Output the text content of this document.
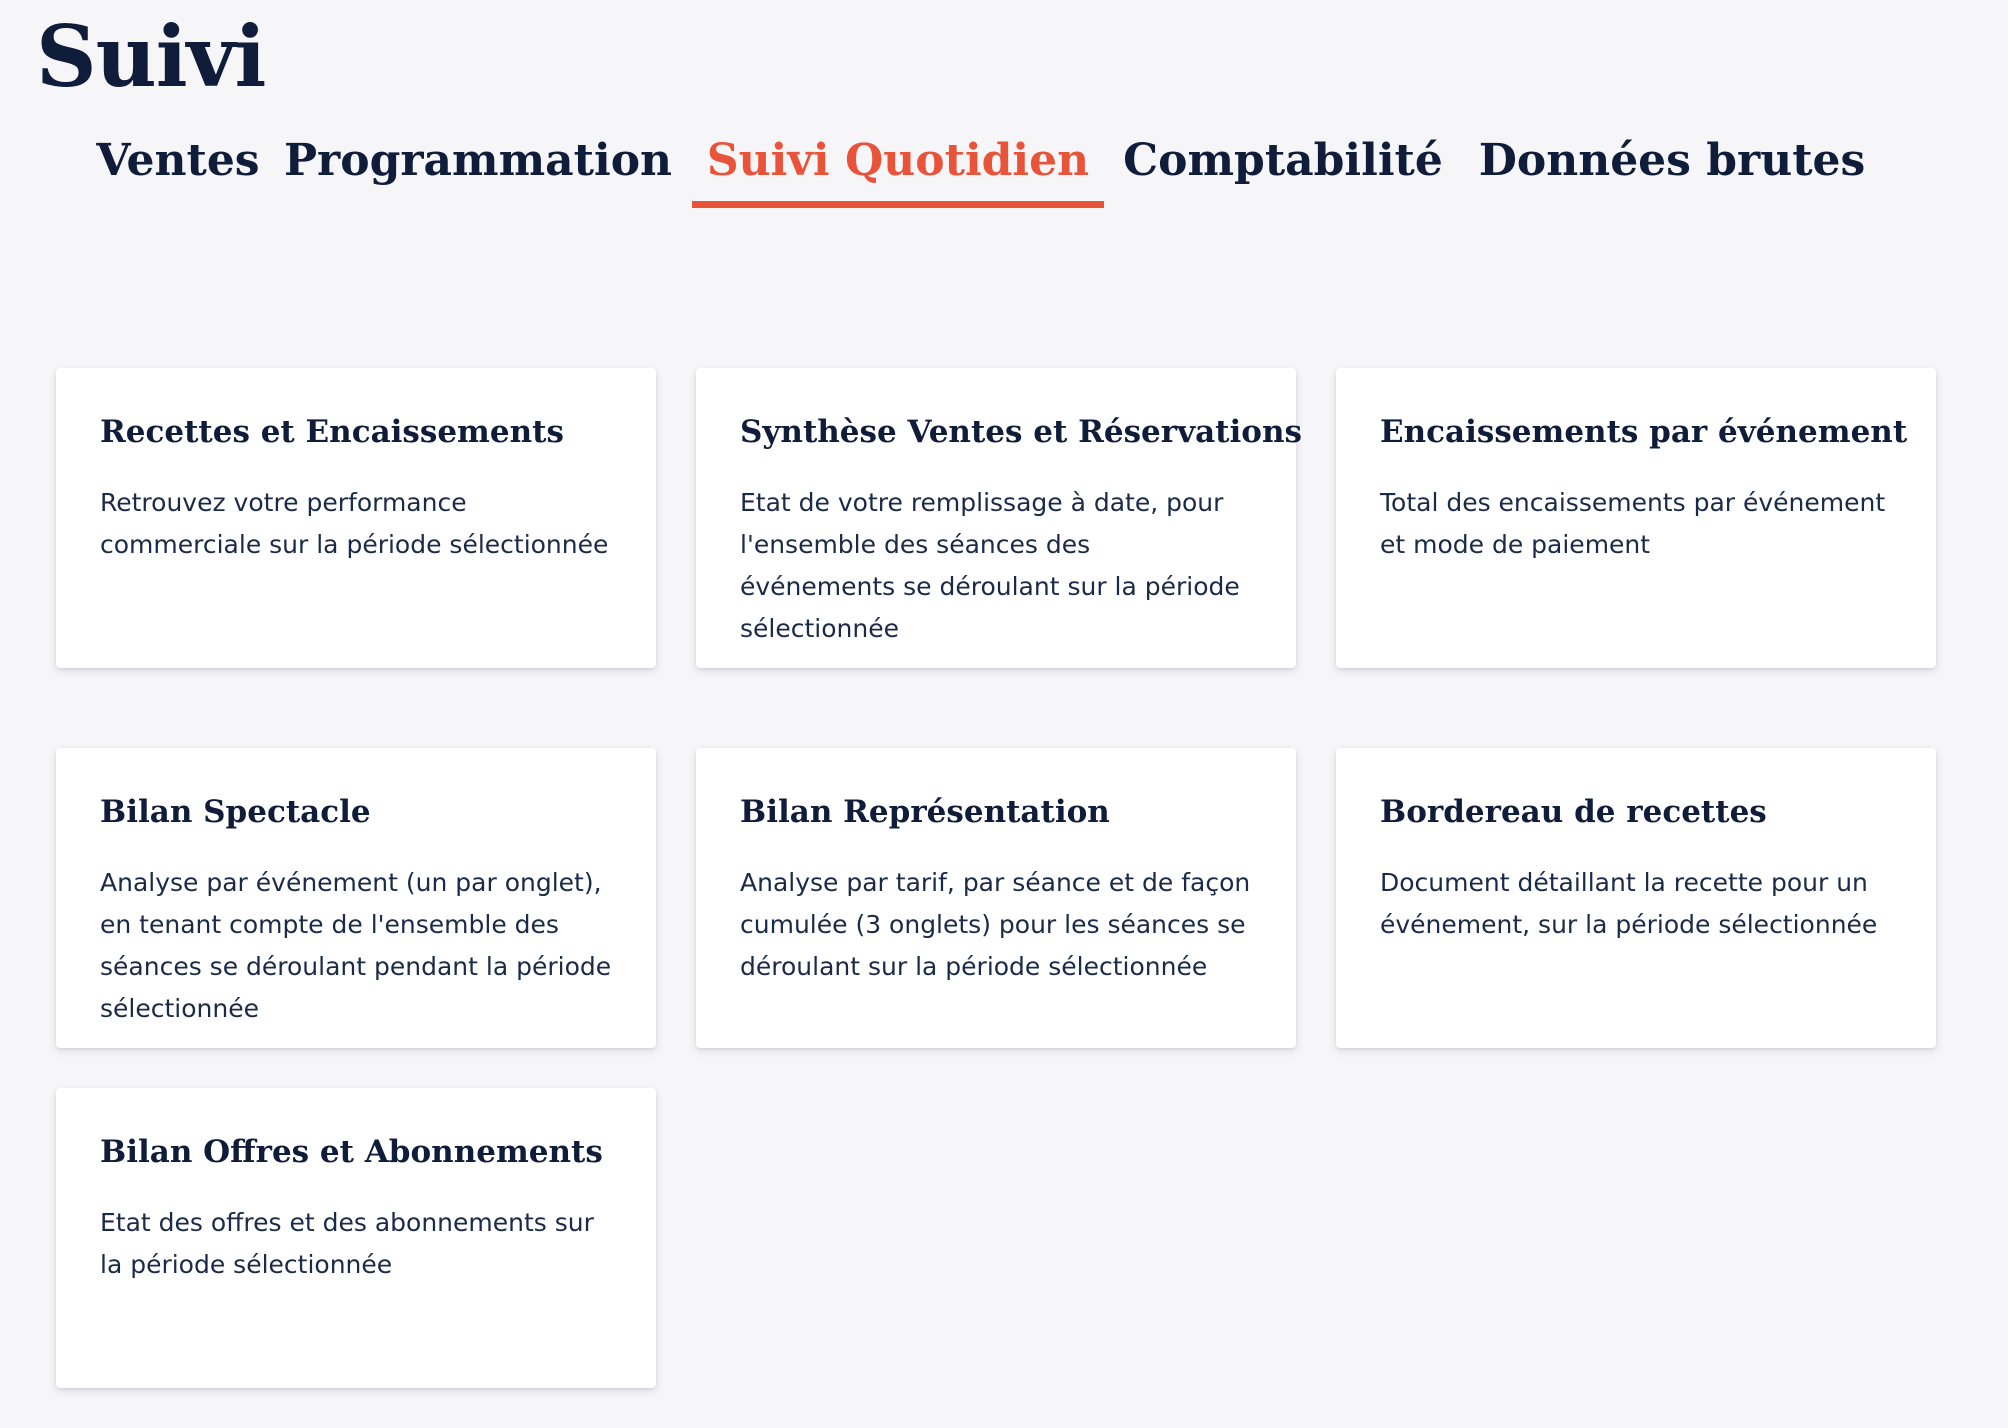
Suivi
Ventes Programmation Suivi Quotidien Comptabilité Données brutes
Recettes et Encaissements

Retrouvez votre performance commerciale sur la période sélectionnée

Synthèse Ventes et Réservations

Etat de votre remplissage à date, pour l'ensemble des séances des événements se déroulant sur la période sélectionnée

Encaissements par événement

Total des encaissements par événement et mode de paiement

Bilan Spectacle

Analyse par événement (un par onglet), en tenant compte de l'ensemble des séances se déroulant pendant la période sélectionnée

Bilan Représentation

Analyse par tarif, par séance et de façon cumulée (3 onglets) pour les séances se déroulant sur la période sélectionnée

Bordereau de recettes

Document détaillant la recette pour un événement, sur la période sélectionnée

Bilan Offres et Abonnements

Etat des offres et des abonnements sur la période sélectionnée
